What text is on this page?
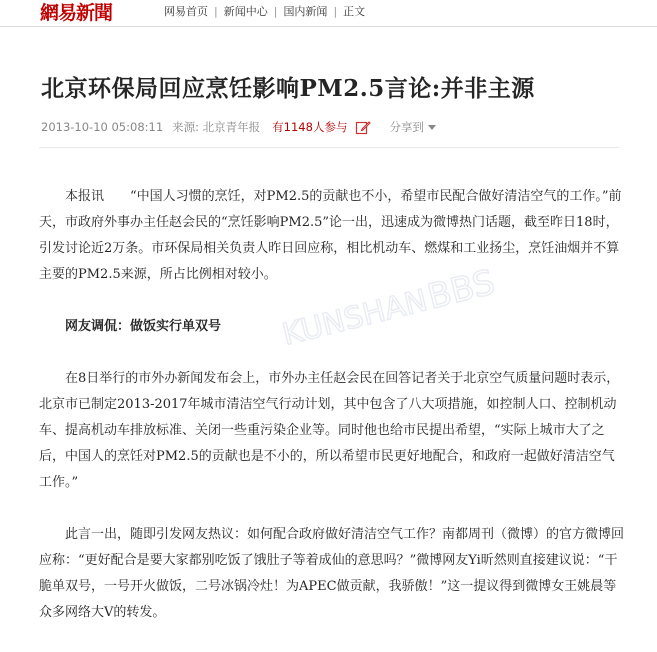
網易新聞	网易首页 | 新闻中心 | 国内新闻 | 正文
北京环保局回应烹饪影响PM2.5言论:并非主源
2013-10-10 05:08:11 来源: 北京青年报 有1148人参与	分享到

本报讯　　“中国人习惯的烹饪，对PM2.5的贡献也不小，希望市民配合做好清洁空气的工作。”前天，市政府外事办主任赵会民的“烹饪影响PM2.5”论一出，迅速成为微博热门话题，截至昨日18时，引发讨论近2万条。市环保局相关负责人昨日回应称，相比机动车、燃煤和工业扬尘，烹饪油烟并不算主要的PM2.5来源，所占比例相对较小。

网友调侃：做饭实行单双号

在8日举行的市外办新闻发布会上，市外办主任赵会民在回答记者关于北京空气质量问题时表示，北京市已制定2013-2017年城市清洁空气行动计划，其中包含了八大项措施，如控制人口、控制机动车、提高机动车排放标准、关闭一些重污染企业等。同时他也给市民提出希望，“实际上城市大了之后，中国人的烹饪对PM2.5的贡献也是不小的，所以希望市民更好地配合，和政府一起做好清洁空气工作。”

此言一出，随即引发网友热议：如何配合政府做好清洁空气工作？南都周刊（微博）的官方微博回应称：“更好配合是要大家都别吃饭了饿肚子等着成仙的意思吗？”微博网友Yi昕然则直接建议说：“干脆单双号，一号开火做饭，二号冰锅冷灶！为APEC做贡献，我骄傲！”这一提议得到微博女王姚晨等众多网络大V的转发。

KUNSHAN
BBS
